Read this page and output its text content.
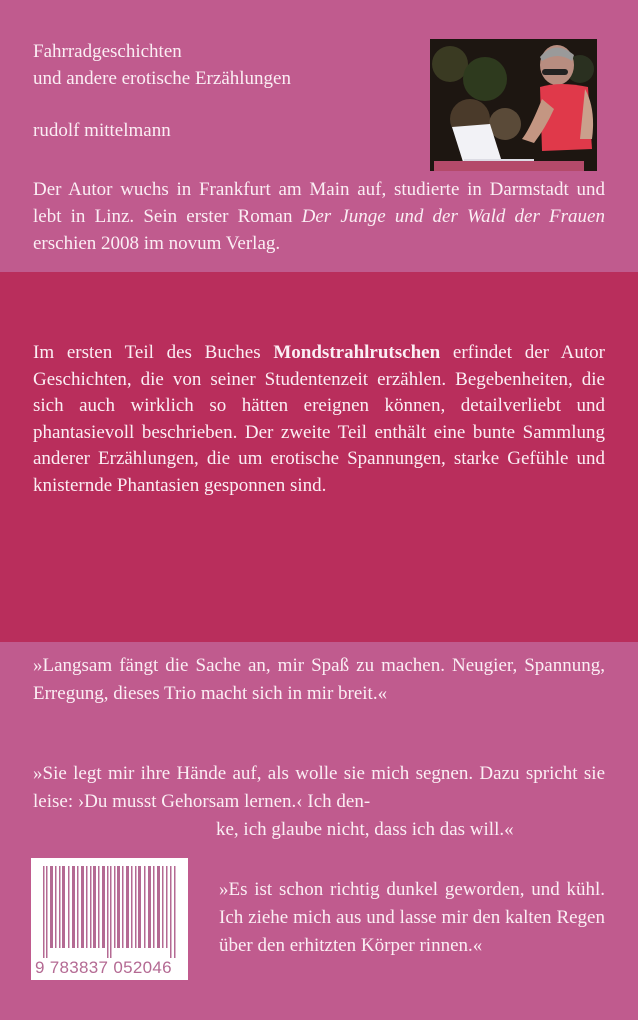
Fahrradgeschichten
und andere erotische Erzählungen
rudolf mittelmann
Der Autor wuchs in Frankfurt am Main auf, studierte in Darmstadt und lebt in Linz. Sein erster Roman Der Junge und der Wald der Frauen erschien 2008 im novum Verlag.
Im ersten Teil des Buches Mondstrahlrutschen erfindet der Autor Geschichten, die von seiner Studentenzeit erzählen. Begebenheiten, die sich auch wirklich so hätten ereignen können, detailverliebt und phantasievoll beschrieben. Der zweite Teil enthält eine bunte Sammlung anderer Erzählungen, die um erotische Spannungen, starke Gefühle und knisternde Phantasien gesponnen sind.
»Langsam fängt die Sache an, mir Spaß zu machen. Neugier, Spannung, Erregung, dieses Trio macht sich in mir breit.«
»Sie legt mir ihre Hände auf, als wolle sie mich segnen. Dazu spricht sie leise: ›Du musst Gehorsam lernen.‹ Ich den-
ke, ich glaube nicht, dass ich das will.«
9 783837 052046
»Es ist schon richtig dunkel geworden, und kühl. Ich ziehe mich aus und lasse mir den kalten Regen über den erhitzten Körper rinnen.«
